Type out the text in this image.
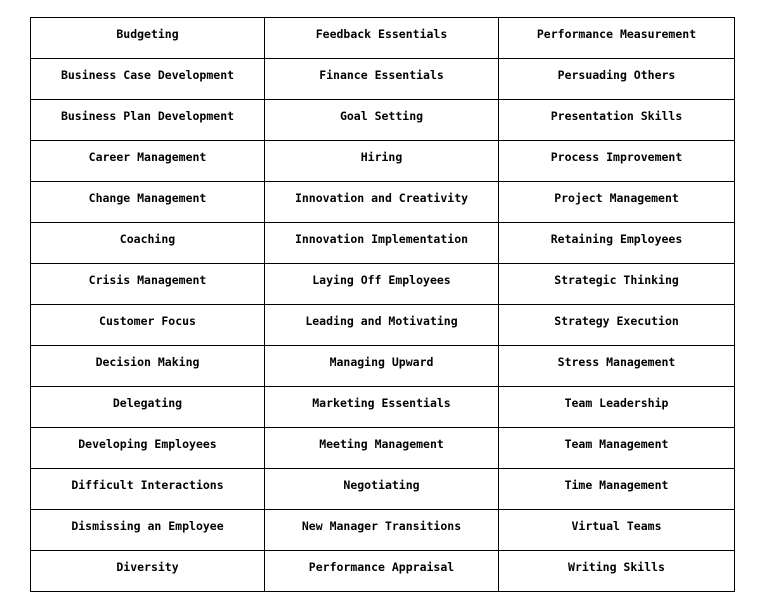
Budgeting	Feedback Essentials	Performance Measurement

Business Case Development	Finance Essentials	Persuading Others

Business Plan Development	Goal Setting	Presentation Skills

Career Management	Hiring	Process Improvement

Change Management	Innovation and Creativity	Project Management

Coaching	Innovation Implementation	Retaining Employees

Crisis Management	Laying Off Employees	Strategic Thinking

Customer Focus	Leading and Motivating	Strategy Execution

Decision Making	Managing Upward	Stress Management

Delegating	Marketing Essentials	Team Leadership

Developing Employees	Meeting Management	Team Management

Difficult Interactions	Negotiating	Time Management

Dismissing an Employee	New Manager Transitions	Virtual Teams

Diversity	Performance Appraisal	Writing Skills
